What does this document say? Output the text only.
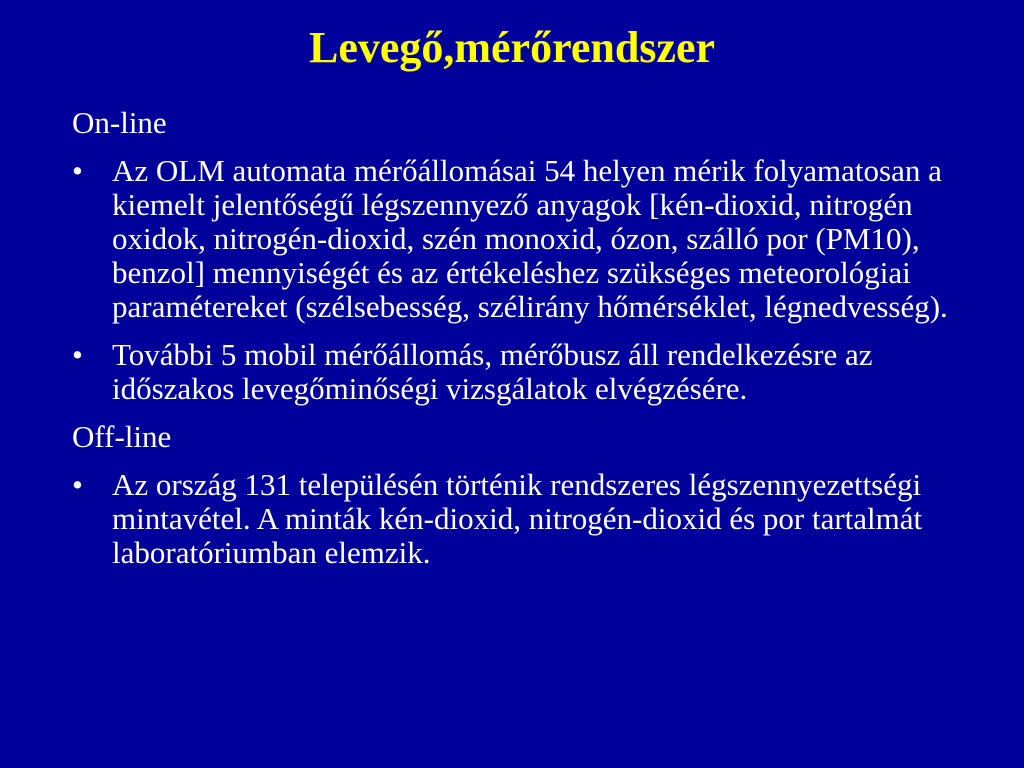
Levegő,mérőrendszer
On-line
• Az OLM automata mérőállomásai 54 helyen mérik folyamatosan a kiemelt jelentőségű légszennyező anyagok [kén-dioxid, nitrogén oxidok, nitrogén-dioxid, szén monoxid, ózon, szálló por (PM10), benzol] mennyiségét és az értékeléshez szükséges meteorológiai paramétereket (szélsebesség, szélirány hőmérséklet, légnedvesség).
• További 5 mobil mérőállomás, mérőbusz áll rendelkezésre az időszakos levegőminőségi vizsgálatok elvégzésére.
Off-line
• Az ország 131 településén történik rendszeres légszennyezettségi mintavétel. A minták kén-dioxid, nitrogén-dioxid és por tartalmát laboratóriumban elemzik.
